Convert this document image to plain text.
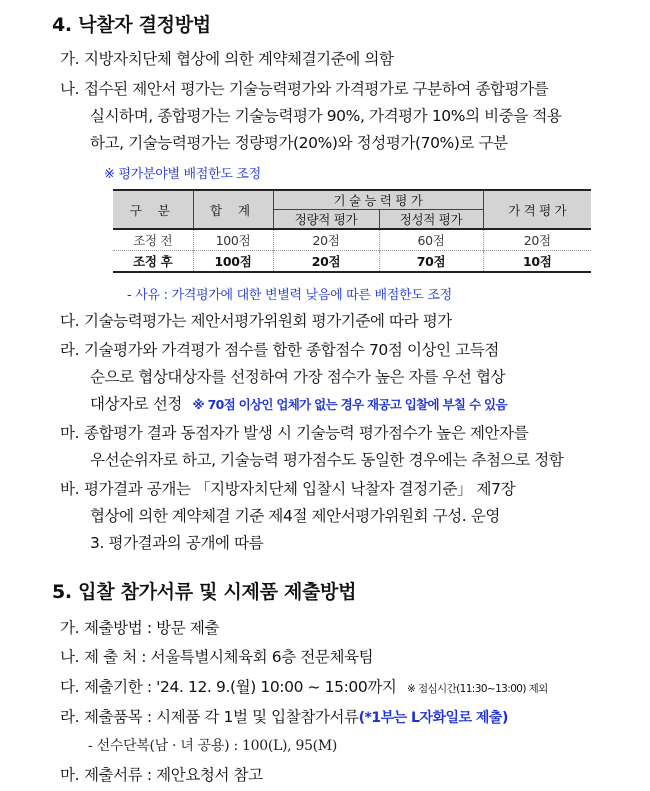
4. 낙찰자 결정방법
가. 지방자치단체 협상에 의한 계약체결기준에 의함
나. 접수된 제안서 평가는 기술능력평가와 가격평가로 구분하여 종합평가를
실시하며, 종합평가는 기술능력평가 90%, 가격평가 10%의 비중을 적용
하고, 기술능력평가는 정량평가(20%)와 정성평가(70%)로 구분
※ 평가분야별 배점한도 조정
구 분	합 계	기 술 능 력 평 가		가 격 평 가
		정량적 평가	정성적 평가	
조정 전	100점	20점	60점	20점
조정 후	100점	20점	70점	10점
- 사유 : 가격평가에 대한 변별력 낮음에 따른 배점한도 조정
다. 기술능력평가는 제안서평가위원회 평가기준에 따라 평가
라. 기술평가와 가격평가 점수를 합한 종합점수 70점 이상인 고득점
순으로 협상대상자를 선정하여 가장 점수가 높은 자를 우선 협상
대상자로 선정 ※ 70점 이상인 업체가 없는 경우 재공고 입찰에 부칠 수 있음
마. 종합평가 결과 동점자가 발생 시 기술능력 평가점수가 높은 제안자를
우선순위자로 하고, 기술능력 평가점수도 동일한 경우에는 추첨으로 정함
바. 평가결과 공개는 「지방자치단체 입찰시 낙찰자 결정기준」 제7장
협상에 의한 계약체결 기준 제4절 제안서평가위원회 구성. 운영
3. 평가결과의 공개에 따름
5. 입찰 참가서류 및 시제품 제출방법
가. 제출방법 : 방문 제출
나. 제 출 처 : 서울특별시체육회 6층 전문체육팀
다. 제출기한 : '24. 12. 9.(월) 10:00 ~ 15:00까지 ※ 점심시간(11:30~13:00) 제외
라. 제출품목 : 시제품 각 1벌 및 입찰참가서류(*1부는 L자화일로 제출)
- 선수단복(남 · 녀 공용) : 100(L), 95(M)
마. 제출서류 : 제안요청서 참고
